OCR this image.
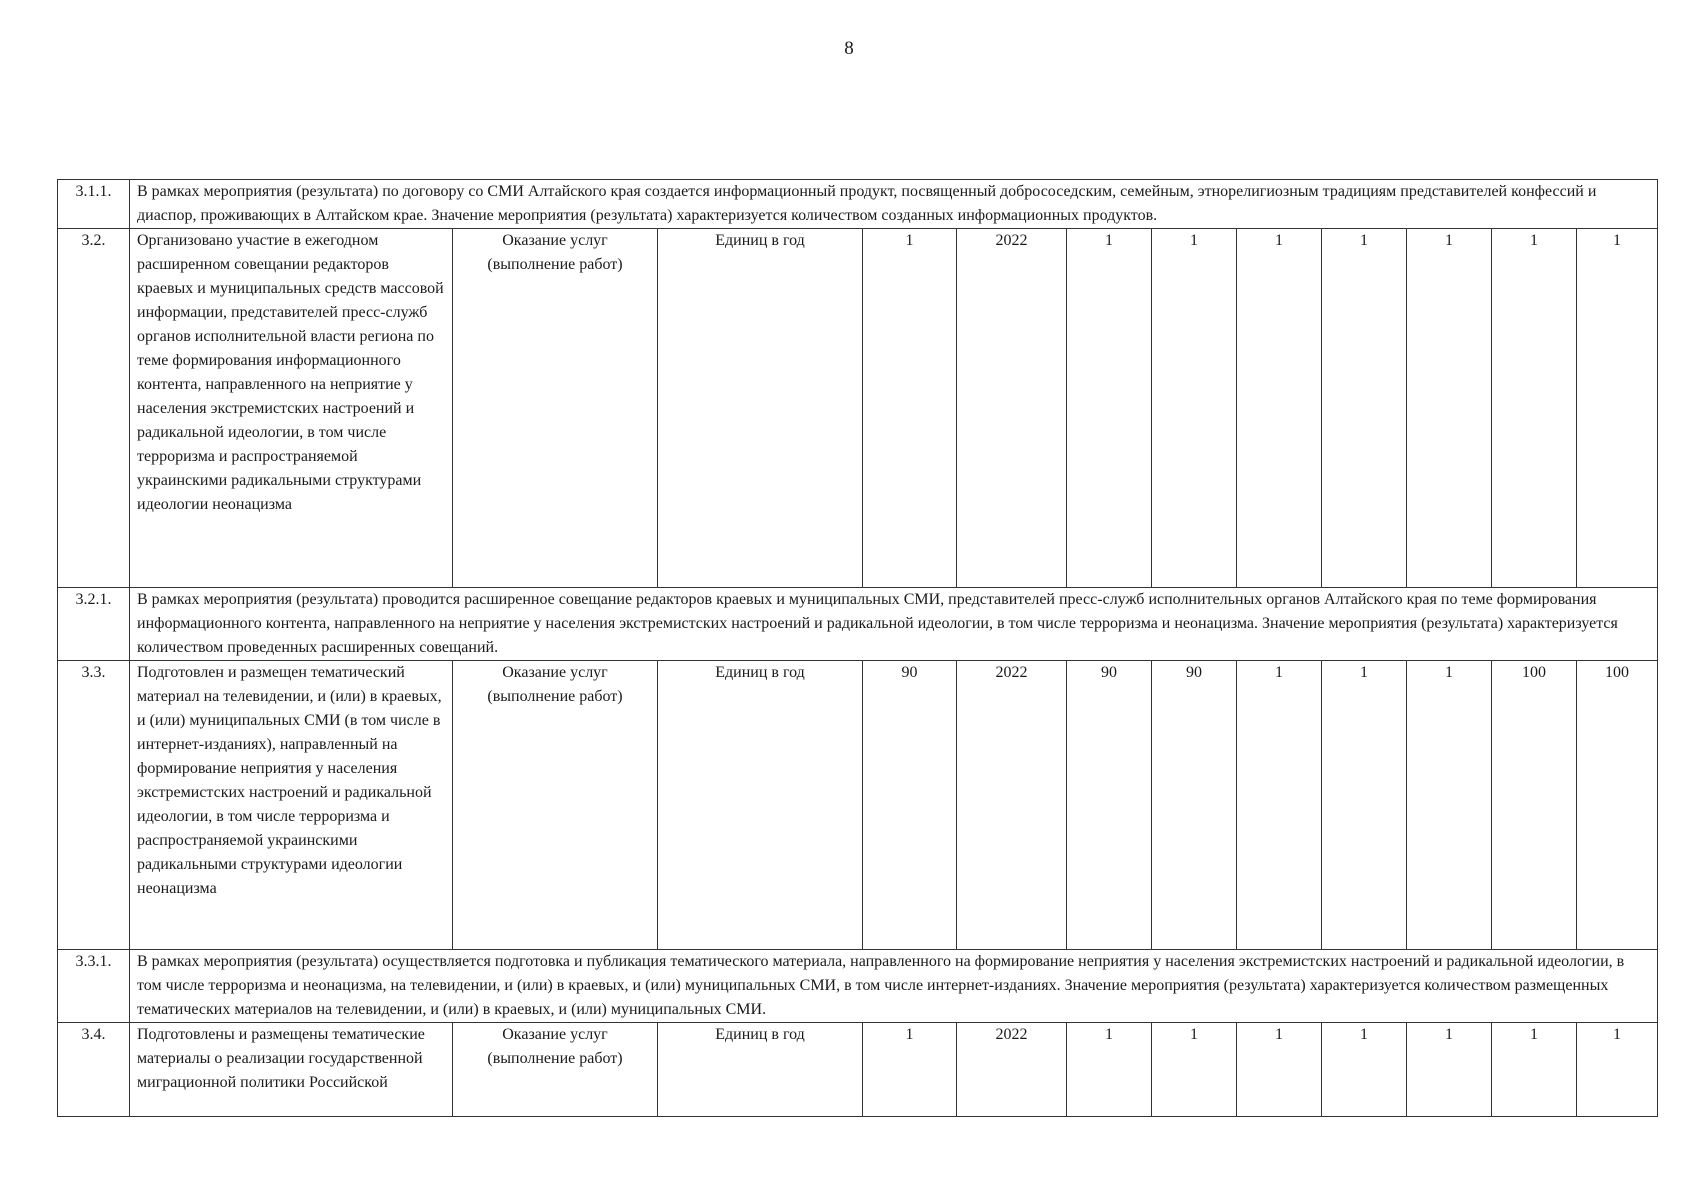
8
3.1.1.	В рамках мероприятия (результата) по договору со СМИ Алтайского края создается информационный продукт, посвященный добрососедским, семейным, этнорелигиозным традициям представителей конфессий и диаспор, проживающих в Алтайском крае. Значение мероприятия (результата) характеризуется количеством созданных информационных продуктов.											
3.2.	Организовано участие в ежегодном расширенном совещании редакторов краевых и муниципальных средств массовой информации, представителей пресс-служб органов исполнительной власти региона по теме формирования информационного контента, направленного на неприятие у населения экстремистских настроений и радикальной идеологии, в том числе терроризма и распространяемой украинскими радикальными структурами идеологии неонацизма	Оказание услуг (выполнение работ)	Единиц в год	1	2022	1	1	1	1	1	1	1
3.2.1.	В рамках мероприятия (результата) проводится расширенное совещание редакторов краевых и муниципальных СМИ, представителей пресс-служб исполнительных органов Алтайского края по теме формирования информационного контента, направленного на неприятие у населения экстремистских настроений и радикальной идеологии, в том числе терроризма и неонацизма. Значение мероприятия (результата) характеризуется количеством проведенных расширенных совещаний.											
3.3.	Подготовлен и размещен тематический материал на телевидении, и (или) в краевых, и (или) муниципальных СМИ (в том числе в интернет-изданиях), направленный на формирование неприятия у населения экстремистских настроений и радикальной идеологии, в том числе терроризма и распространяемой украинскими радикальными структурами идеологии неонацизма	Оказание услуг (выполнение работ)	Единиц в год	90	2022	90	90	1	1	1	100	100
3.3.1.	В рамках мероприятия (результата) осуществляется подготовка и публикация тематического материала, направленного на формирование неприятия у населения экстремистских настроений и радикальной идеологии, в том числе терроризма и неонацизма, на телевидении, и (или) в краевых, и (или) муниципальных СМИ, в том числе интернет-изданиях. Значение мероприятия (результата) характеризуется количеством размещенных тематических материалов на телевидении, и (или) в краевых, и (или) муниципальных СМИ.											
3.4.	Подготовлены и размещены тематические материалы о реализации государственной миграционной политики Российской	Оказание услуг (выполнение работ)	Единиц в год	1	2022	1	1	1	1	1	1	1
